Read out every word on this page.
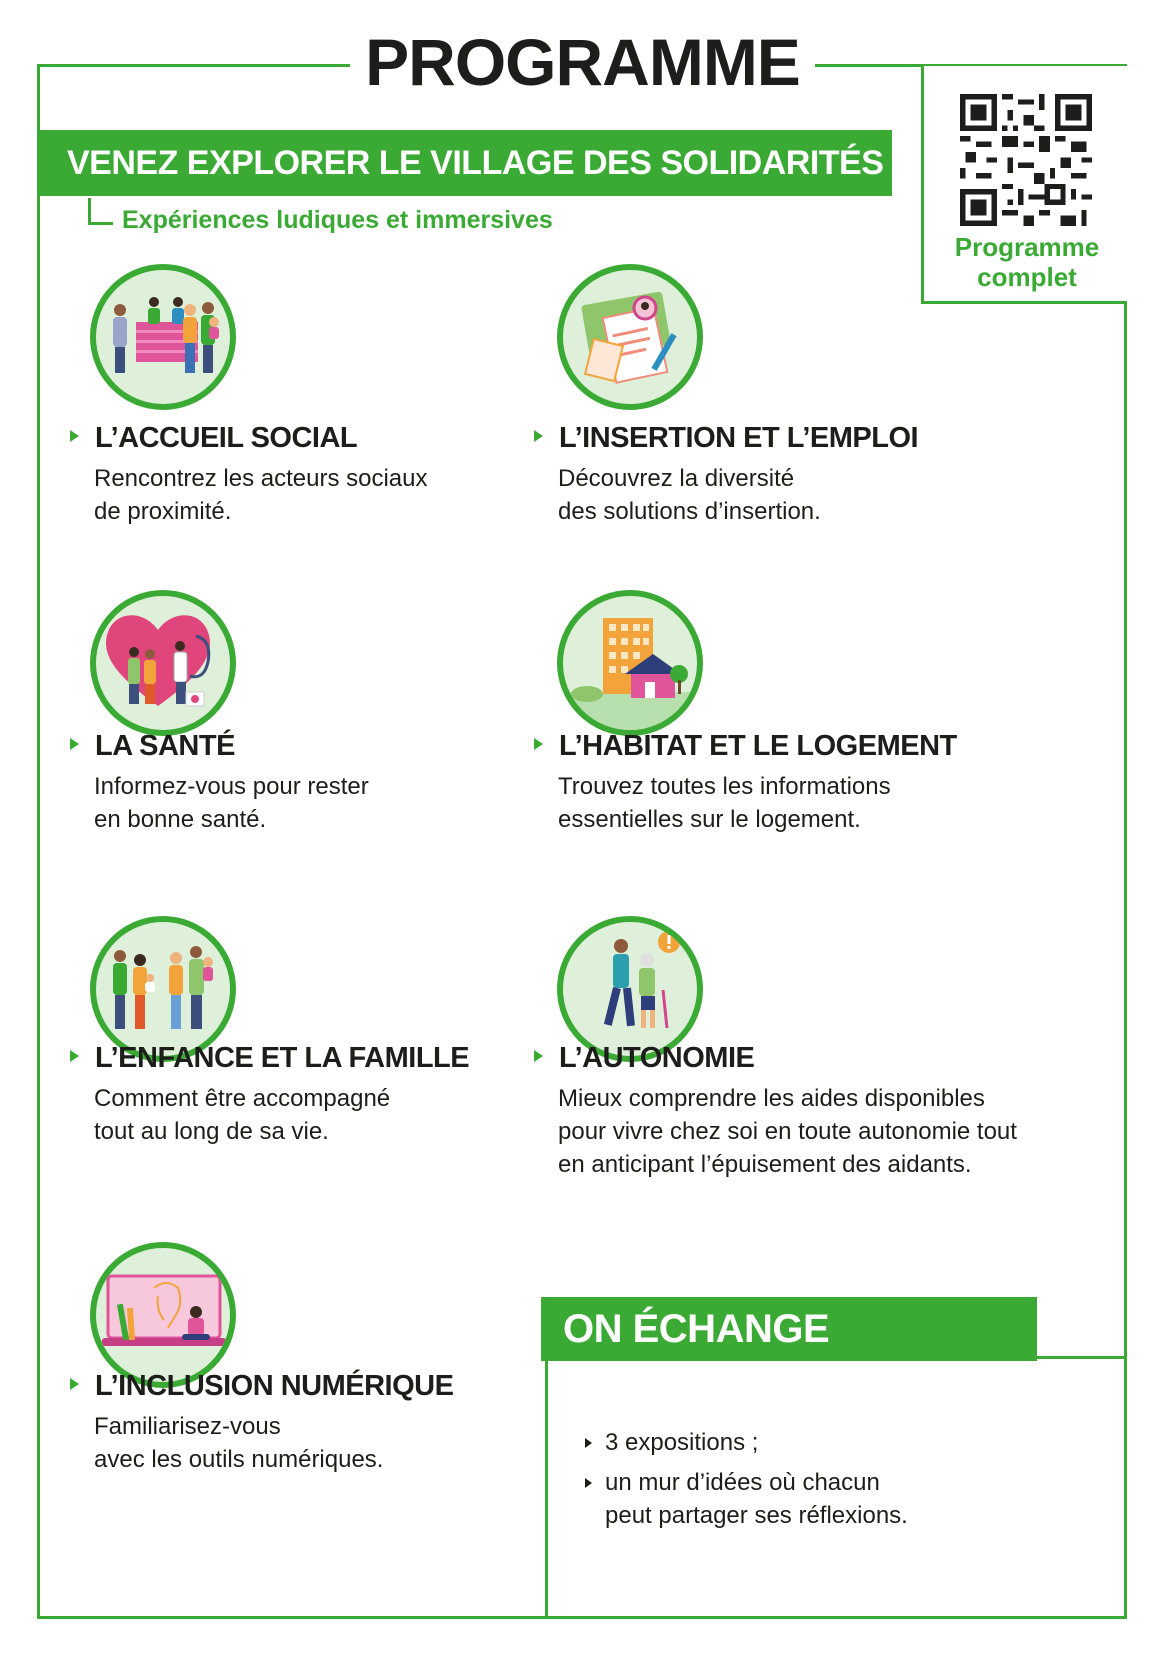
PROGRAMME
VENEZ EXPLORER LE VILLAGE DES SOLIDARITÉS
Expériences ludiques et immersives
Programme
complet
L’ACCUEIL SOCIAL
Rencontrez les acteurs sociaux
de proximité.
L’INSERTION ET L’EMPLOI
Découvrez la diversité
des solutions d’insertion.
LA SANTÉ
Informez-vous pour rester
en bonne santé.
L’HABITAT ET LE LOGEMENT
Trouvez toutes les informations
essentielles sur le logement.
L’ENFANCE ET LA FAMILLE
Comment être accompagné
tout au long de sa vie.
L’AUTONOMIE
Mieux comprendre les aides disponibles
pour vivre chez soi en toute autonomie tout
en anticipant l’épuisement des aidants.
L’INCLUSION NUMÉRIQUE
Familiarisez-vous
avec les outils numériques.
ON ÉCHANGE ENSEMBLE
3 expositions ;
un mur d’idées où chacun
peut partager ses réflexions.
